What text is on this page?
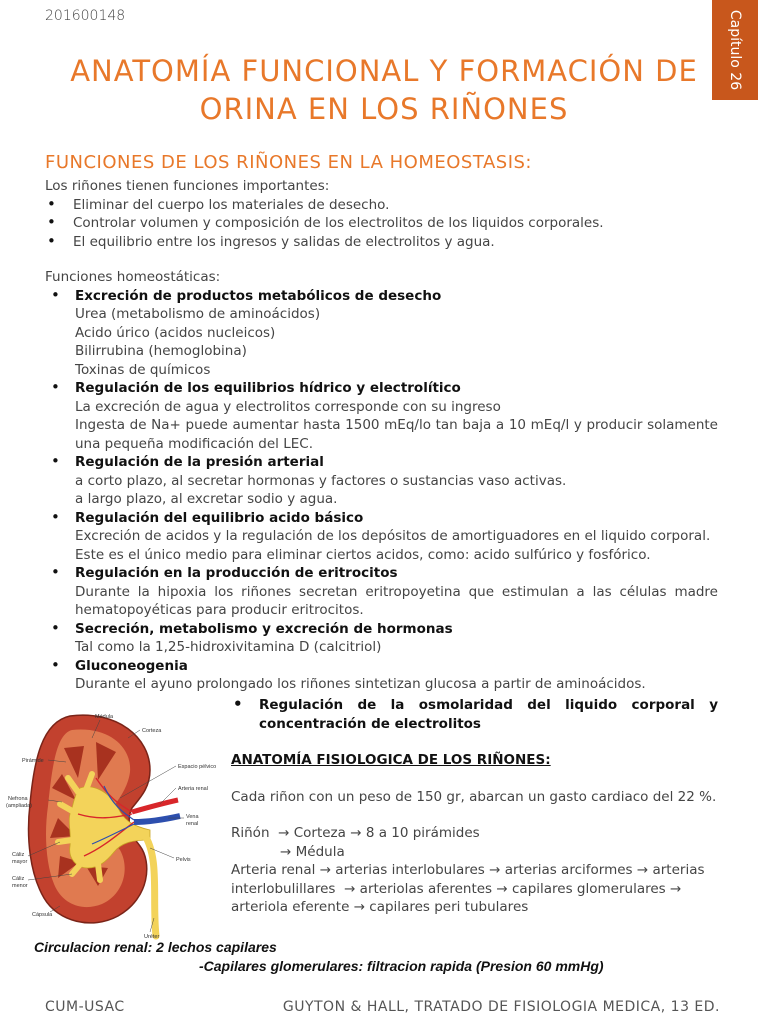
201600148	Capítulo 26
ANATOMÍA FUNCIONAL Y FORMACIÓN DE
ORINA EN LOS RIÑONES
FUNCIONES DE LOS RIÑONES EN LA HOMEOSTASIS:
Los riñones tienen funciones importantes:
• Eliminar del cuerpo los materiales de desecho.
• Controlar volumen y composición de los electrolitos de los liquidos corporales.
• El equilibrio entre los ingresos y salidas de electrolitos y agua.
Funciones homeostáticas:
• Excreción de productos metabólicos de desecho
Urea (metabolismo de aminoácidos)
Acido úrico (acidos nucleicos)
Bilirrubina (hemoglobina)
Toxinas de químicos
• Regulación de los equilibrios hídrico y electrolítico
La excreción de agua y electrolitos corresponde con su ingreso
Ingesta de Na+ puede aumentar hasta 1500 mEq/lo tan baja a 10 mEq/l y producir solamente una pequeña modificación del LEC.
• Regulación de la presión arterial
a corto plazo, al secretar hormonas y factores o sustancias vaso activas.
a largo plazo, al excretar sodio y agua.
• Regulación del equilibrio acido básico
Excreción de acidos y la regulación de los depósitos de amortiguadores en el liquido corporal.
Este es el único medio para eliminar ciertos acidos, como: acido sulfúrico y fosfórico.
• Regulación en la producción de eritrocitos
Durante la hipoxia los riñones secretan eritropoyetina que estimulan a las células madre hematopoyéticas para producir eritrocitos.
• Secreción, metabolismo y excreción de hormonas
Tal como la 1,25-hidroxivitamina D (calcitriol)
• Gluconeogenia
Durante el ayuno prolongado los riñones sintetizan glucosa a partir de aminoácidos.
Médula
Corteza
Pirámide
Espacio pélvico
Arteria renal
Nefrona
(ampliada)
Vena
renal
Pelvis
Cáliz
mayor
Cáliz
menor
Cápsula
Uréter
• Regulación de la osmolaridad del liquido corporal y concentración de electrolitos
ANATOMÍA FISIOLOGICA DE LOS RIÑONES:
Cada riñon con un peso de 150 gr, abarcan un gasto cardiaco del 22 %.
Riñón → Corteza → 8 a 10 pirámides
→ Médula
Arteria renal → arterias interlobulares → arterias arciformes → arterias
interlobulillares → arteriolas aferentes → capilares glomerulares →
arteriola eferente → capilares peri tubulares
Circulacion renal: 2 lechos capilares
-Capilares glomerulares: filtracion rapida (Presion 60 mmHg)
CUM-USAC	GUYTON & HALL, TRATADO DE FISIOLOGIA MEDICA, 13 ED.
